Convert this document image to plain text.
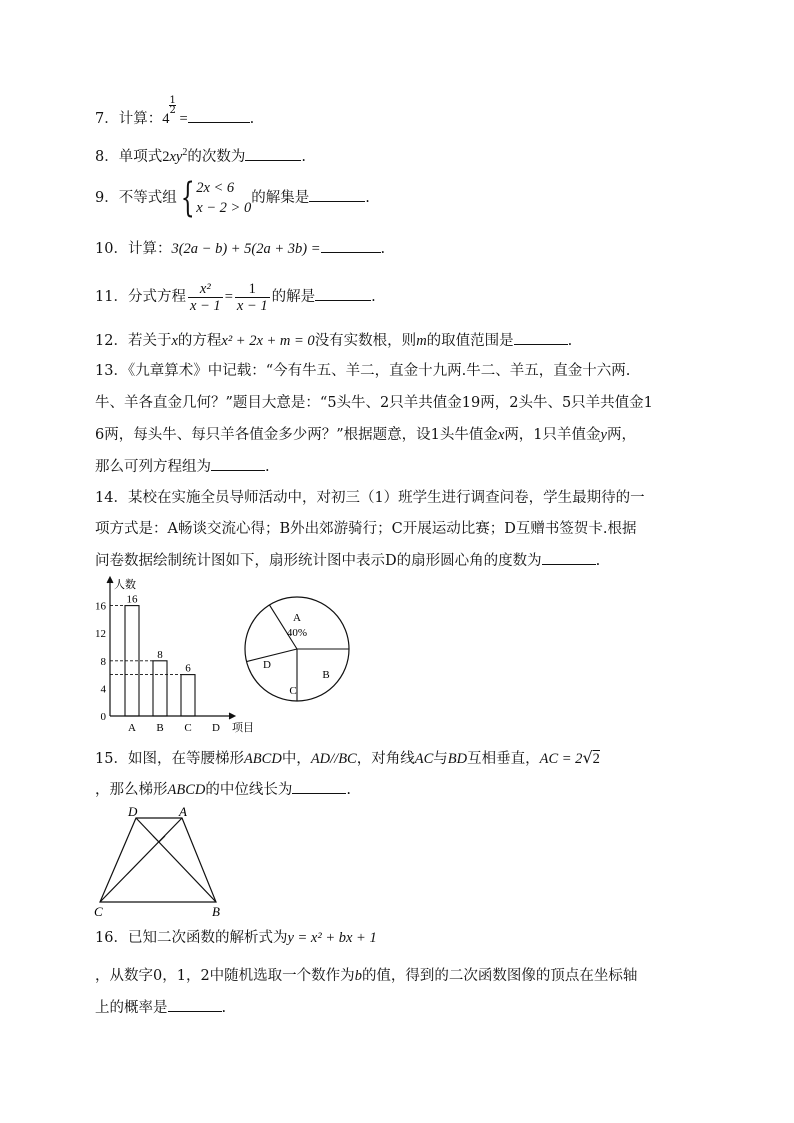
7．计算：4
$\frac{1}{2}$
=	.
8．单项式$2xy^2$的次数为	.
9．不等式组{ 2x < 6
x − 2 > 0
的解集是	.
10．计算：3(2a − b) + 5(2a + 3b) =	.
11．分式方程 $\frac{\text{x²}}{x - 1} = \frac{1}{x - 1}$ 的解是	.
12．若关于x的方程x² + 2x + m = 0没有实数根，则m的取值范围是	.
13．《九章算术》中记载：“今有牛五、羊二，直金十九两.牛二、羊五，直金十六两.
牛、羊各直金几何？”题目大意是：“5头牛、2只羊共值金19两，2头牛、5只羊共值金1
6两，每头牛、每只羊各值金多少两？”根据题意，设1头牛值金x两，1只羊值金y两，
那么可列方程组为	.
14．某校在实施全员导师活动中，对初三（1）班学生进行调查问卷，学生最期待的一
项方式是：A畅谈交流心得；B外出郊游骑行；C开展运动比赛；D互赠书签贺卡.根据
问卷数据绘制统计图如下，扇形统计图中表示D的扇形圆心角的度数为	.
人数
项目
0
4
8
12
16
16
A
8
B
6
C D
A
B
C
D
40%
15．如图，在等腰梯形ABCD中，AD//BC，对角线AC与BD互相垂直，AC = 2√2
，那么梯形ABCD的中位线长为	.
D	A
C	B
16．已知二次函数的解析式为y = x² + bx + 1
，从数字0，1，2中随机选取一个数作为b的值，得到的二次函数图像的顶点在坐标轴
上的概率是	.
